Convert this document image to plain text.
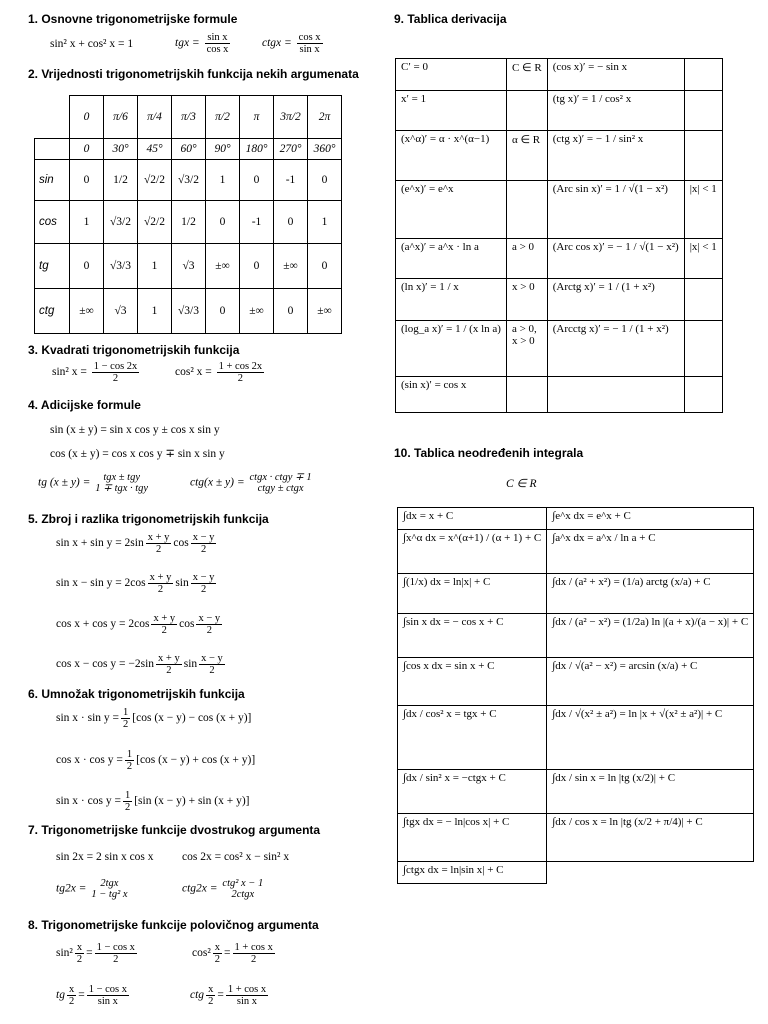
1. Osnovne trigonometrijske formule
sin² x + cos² x = 1	tgx = $\frac{\text{sin x}}{\text{cos x}}$	ctgx = $\frac{\text{cos x}}{\text{sin x}}$
2. Vrijednosti trigonometrijskih funkcija nekih argumenata
	0	π/6	π/4	π/3	π/2	π	3π/2	2π
	0	30°	45°	60°	90°	180°	270°	360°
sin	0	1/2	√2/2	√3/2	1	0	-1	0
cos	1	√3/2	√2/2	1/2	0	-1	0	1
tg	0	√3/3	1	√3	±∞	0	±∞	0
ctg	±∞	√3	1	√3/3	0	±∞	0	±∞
3. Kvadrati trigonometrijskih funkcija
sin² $x = \frac{1 - \cos 2x}{2}$	cos² $x = \frac{1 + \cos 2x}{2}$
4. Adicijske formule
sin (x ± y) = sin x cos y ± cos x sin y
cos (x ± y) = cos x cos y ∓ sin x sin y
tg (x ± y) =	tgx ± tgy
1 ∓ tgx · tgy	ctg(x ± y) = ctgx · ctgy ∓ 1
ctgy ± ctgx
5. Zbroj i razlika trigonometrijskih funkcija
$\sin x + \sin y = 2\sin \frac{x + y}{2}$ $\cos \frac{x - y}{2}$
$\sin x - \sin y = 2\cos \frac{x + y}{2}$ $\sin \frac{x - y}{2}$
$\cos x + \cos y = 2\cos \frac{x + y}{2}$ $\cos \frac{x - y}{2}$
$\cos x - \cos y = -2\sin \frac{x + y}{2}$ $\sin \frac{x - y}{2}$
6. Umnožak trigonometrijskih funkcija
$\sin x \cdot \sin y = \frac{1}{2} [\cos$ (x − y) − cos (x + y)]
$\cos x \cdot \cos y = \frac{1}{2} [\cos$ (x − y) + cos (x + y)]
$\sin x \cdot \cos y = \frac{1}{2} [\sin$ (x − y) + sin (x + y)]
7. Trigonometrijske funkcije dvostrukog argumenta
sin 2x = 2 sin x cos x cos 2x = cos² x − sin² x
tg2x =	2tgx
1 − tg² x	ctg2x = ctg² x − 1
2ctgx
8. Trigonometrijske funkcije polovičnog argumenta
$\sin^2 \frac{x}{2} = \frac{\text{1 − cos x}}{2}$	$\cos^2 \frac{x}{2} = \frac{\text{1 + cos x}}{2}$
tg $\frac{x}{2} = \frac{\text{1 − cos x}}{\text{sin x}}$	ctg $\frac{x}{2} = \frac{\text{1 + cos x}}{\text{sin x}}$
9. Tablica derivacija
C′ = 0	C ∈ R	(cos x)′ = − sin x	
x′ = 1		(tg x)′ = 1 / cos² x	
(x^α)′ = α · x^(α−1)	α ∈ R	(ctg x)′ = − 1 / sin² x	
(e^x)′ = e^x		(Arc sin x)′ = 1 / √(1 − x²)	|x| < 1
(a^x)′ = a^x · ln a	a > 0	(Arc cos x)′ = − 1 / √(1 − x²)	|x| < 1
(ln x)′ = 1 / x	x > 0	(Arctg x)′ = 1 / (1 + x²)	
(log_a x)′ = 1 / (x ln a)	a > 0, x > 0	(Arcctg x)′ = − 1 / (1 + x²)	
(sin x)′ = cos x			
10. Tablica neodređenih integrala
C ∈ R
∫dx = x + C	∫e^x dx = e^x + C
∫x^α dx = x^(α+1) / (α + 1) + C	∫a^x dx = a^x / ln a + C
∫(1/x) dx = ln|x| + C	∫dx / (a² + x²) = (1/a) arctg (x/a) + C
∫sin x dx = − cos x + C	∫dx / (a² − x²) = (1/2a) ln |(a + x)/(a − x)| + C
∫cos x dx = sin x + C	∫dx / √(a² − x²) = arcsin (x/a) + C
∫dx / cos² x = tgx + C	∫dx / √(x² ± a²) = ln |x + √(x² ± a²)| + C
∫dx / sin² x = −ctgx + C	∫dx / sin x = ln |tg (x/2)| + C
∫tgx dx = − ln|cos x| + C	∫dx / cos x = ln |tg (x/2 + π/4)| + C
∫ctgx dx = ln|sin x| + C	
